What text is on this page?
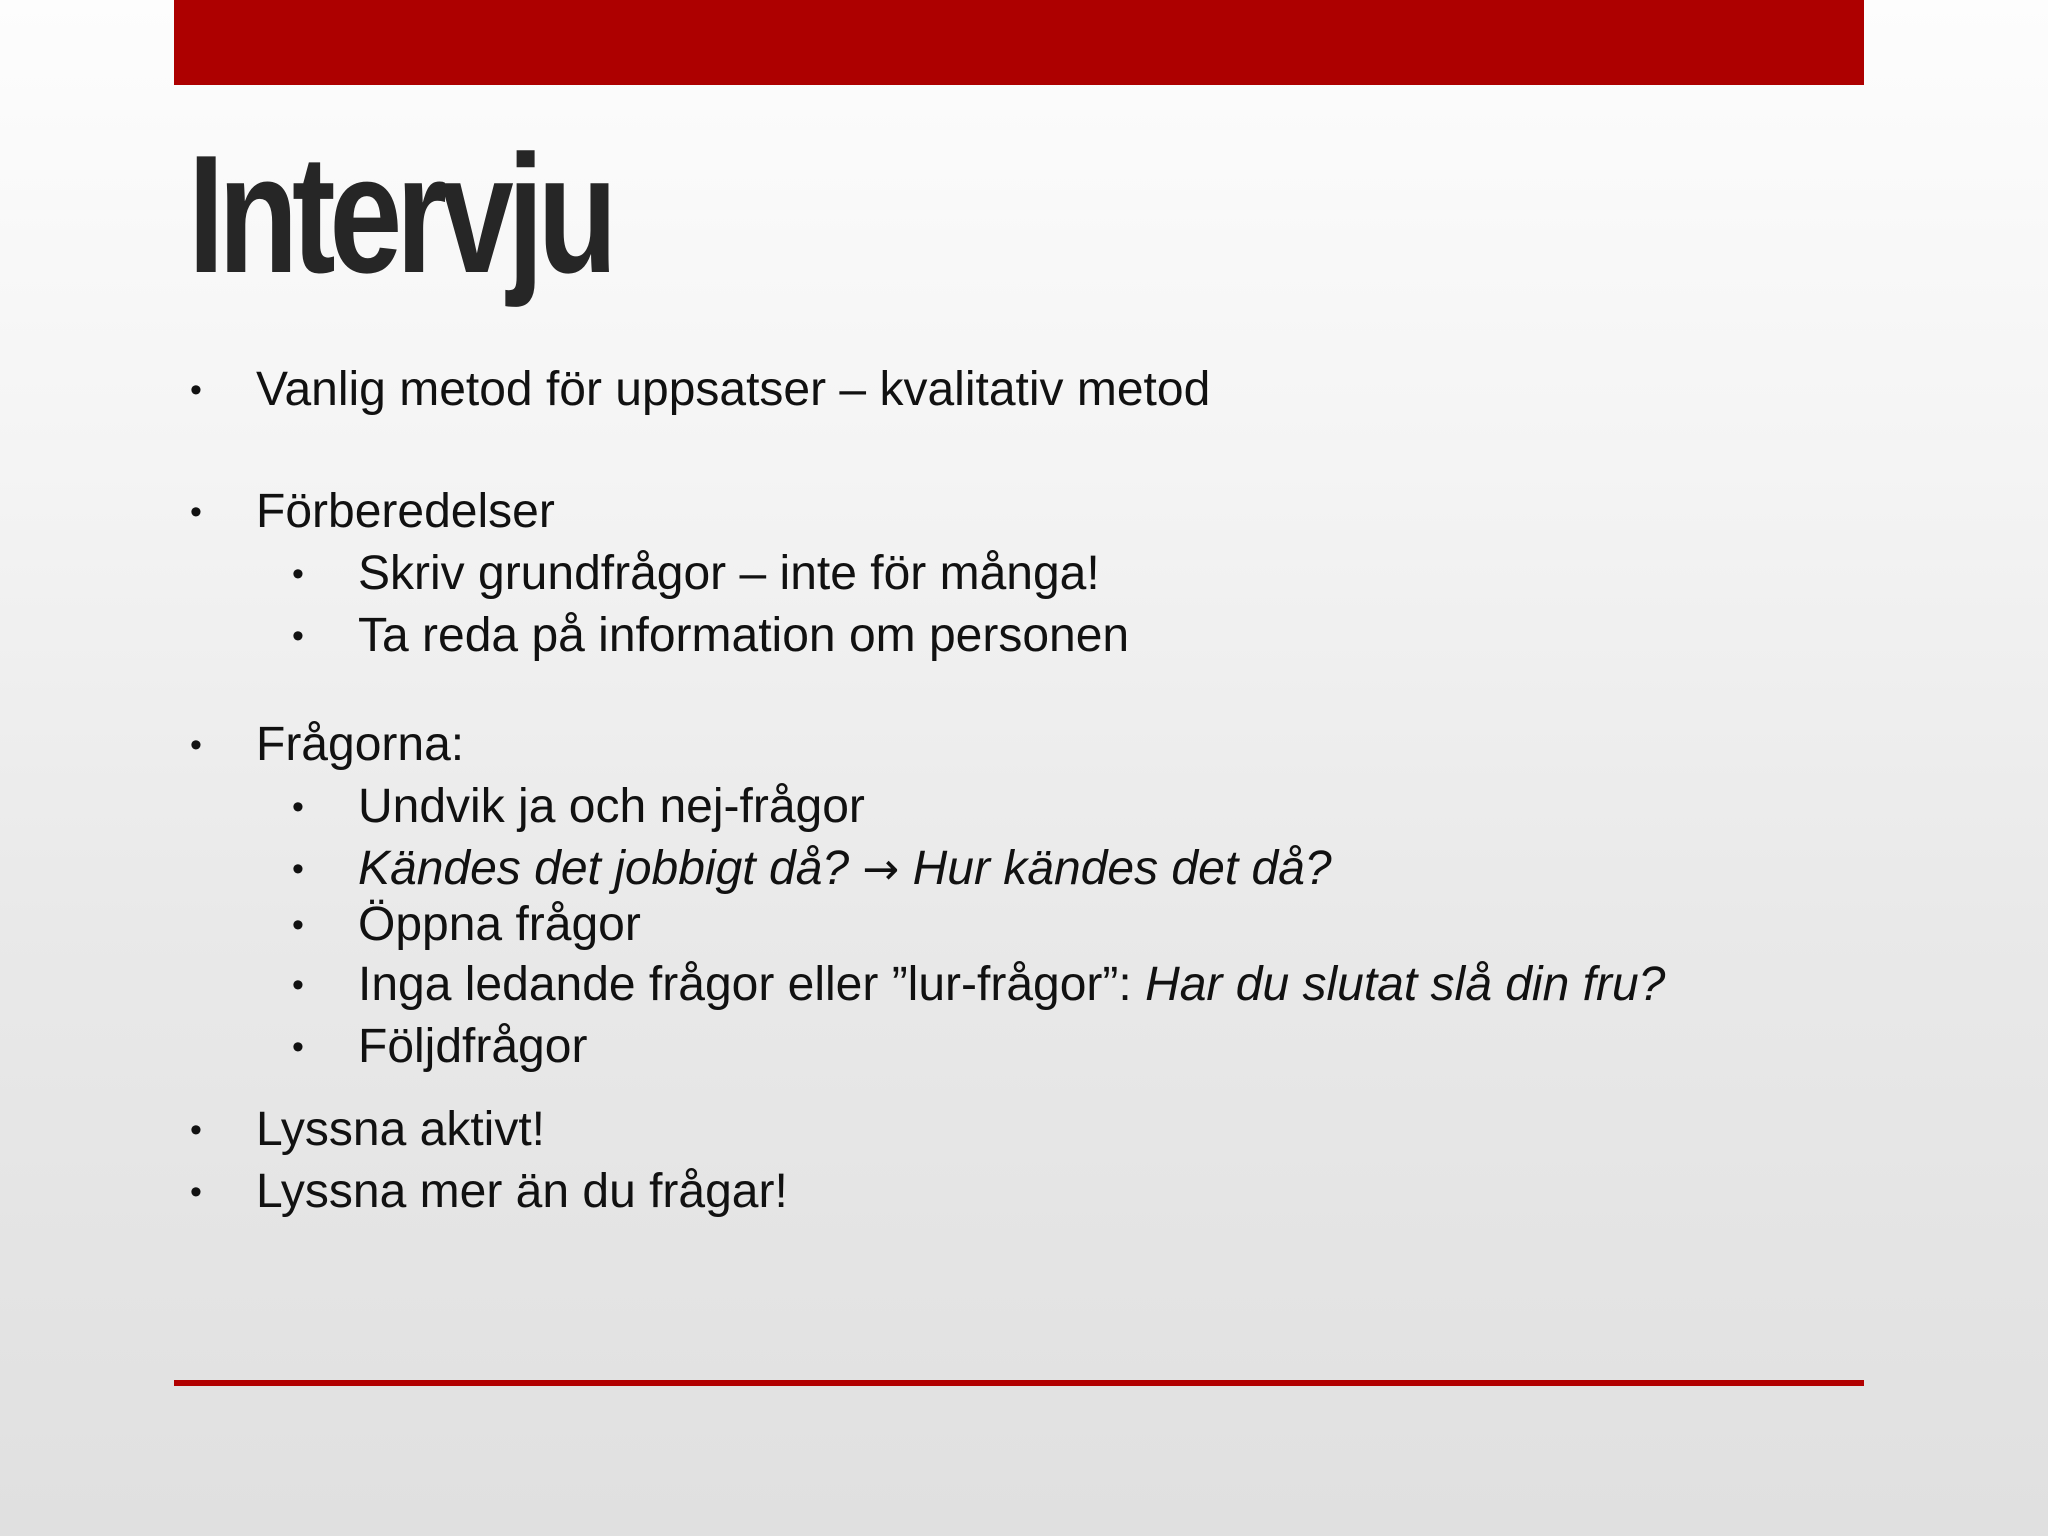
Intervju
• Vanlig metod för uppsatser – kvalitativ metod
• Förberedelser
• Skriv grundfrågor – inte för många!
• Ta reda på information om personen
• Frågorna:
• Undvik ja och nej-frågor
• Kändes det jobbigt då? → Hur kändes det då?
• Öppna frågor
• Inga ledande frågor eller ”lur-frågor”: Har du slutat slå din fru?
• Följdfrågor
• Lyssna aktivt!
• Lyssna mer än du frågar!
